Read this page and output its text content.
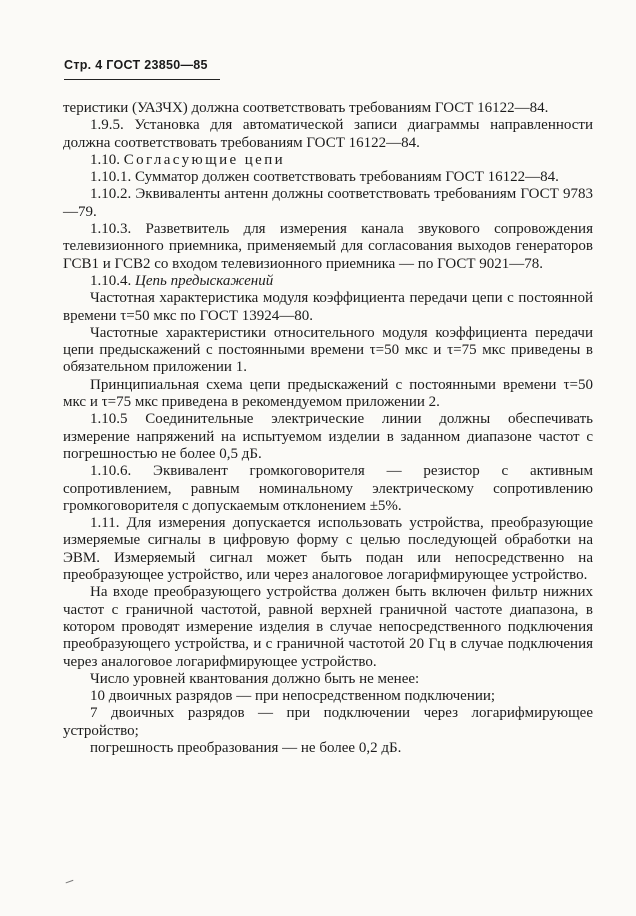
Стр. 4 ГОСТ 23850—85

теристики (УАЗЧХ) должна соответствовать требованиям ГОСТ 16122—84.

1.9.5. Установка для автоматической записи диаграммы направленности должна соответствовать требованиям ГОСТ 16122—84.

1.10. Согласующие цепи

1.10.1. Сумматор должен соответствовать требованиям ГОСТ 16122—84.

1.10.2. Эквиваленты антенн должны соответствовать требованиям ГОСТ 9783—79.

1.10.3. Разветвитель для измерения канала звукового сопровождения телевизионного приемника, применяемый для согласования выходов генераторов ГСВ1 и ГСВ2 со входом телевизионного приемника — по ГОСТ 9021—78.

1.10.4. Цепь предыскажений

Частотная характеристика модуля коэффициента передачи цепи с постоянной времени τ=50 мкс по ГОСТ 13924—80.

Частотные характеристики относительного модуля коэффициента передачи цепи предыскажений с постоянными времени τ=50 мкс и τ=75 мкс приведены в обязательном приложении 1.

Принципиальная схема цепи предыскажений с постоянными времени τ=50 мкс и τ=75 мкс приведена в рекомендуемом приложении 2.

1.10.5 Соединительные электрические линии должны обеспечивать измерение напряжений на испытуемом изделии в заданном диапазоне частот с погрешностью не более 0,5 дБ.

1.10.6. Эквивалент громкоговорителя — резистор с активным сопротивлением, равным номинальному электрическому сопротивлению громкоговорителя с допускаемым отклонением ±5%.

1.11. Для измерения допускается использовать устройства, преобразующие измеряемые сигналы в цифровую форму с целью последующей обработки на ЭВМ. Измеряемый сигнал может быть подан или непосредственно на преобразующее устройство, или через аналоговое логарифмирующее устройство.

На входе преобразующего устройства должен быть включен фильтр нижних частот с граничной частотой, равной верхней граничной частоте диапазона, в котором проводят измерение изделия в случае непосредственного подключения преобразующего устройства, и с граничной частотой 20 Гц в случае подключения через аналоговое логарифмирующее устройство.

Число уровней квантования должно быть не менее:

10 двоичных разрядов — при непосредственном подключении;

7 двоичных разрядов — при подключении через логарифмирующее устройство;

погрешность преобразования — не более 0,2 дБ.
